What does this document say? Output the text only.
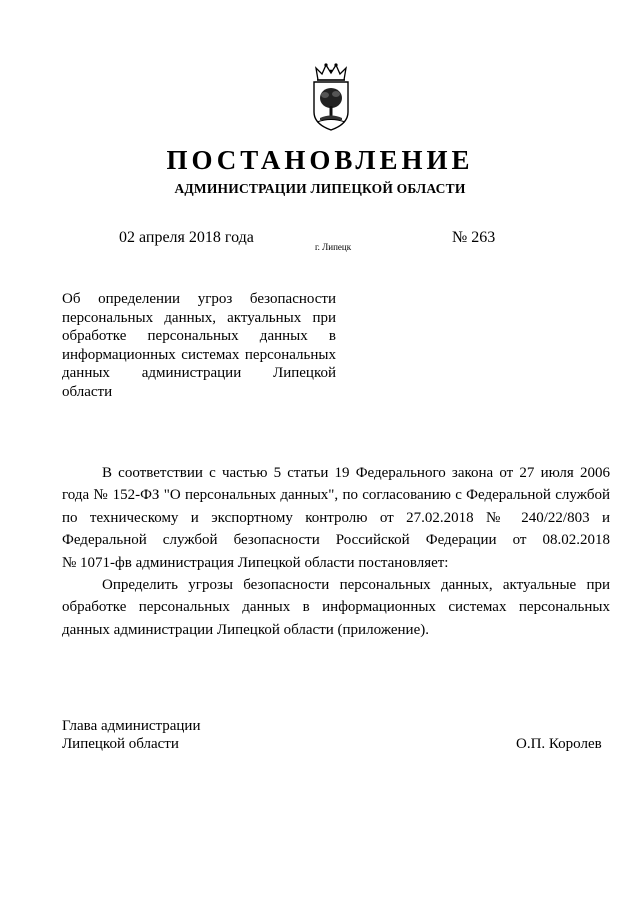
ПОСТАНОВЛЕНИЕ
АДМИНИСТРАЦИИ ЛИПЕЦКОЙ ОБЛАСТИ
02 апреля 2018 года
г. Липецк
№ 263
Об определении угроз безопасности
персональных данных, актуальных при
обработке персональных данных в
информационных системах персональных
данных администрации Липецкой
области
В соответствии с частью 5 статьи 19 Федерального закона от 27 июля 2006
года № 152-ФЗ "О персональных данных", по согласованию с Федеральной службой
по техническому и экспортному контролю от 27.02.2018 № 240/22/803 и
Федеральной службой безопасности Российской Федерации от 08.02.2018
№ 1071-фв администрация Липецкой области постановляет:
Определить угрозы безопасности персональных данных, актуальные при
обработке персональных данных в информационных системах персональных
данных администрации Липецкой области (приложение).
Глава администрации
Липецкой области	О.П. Королев
